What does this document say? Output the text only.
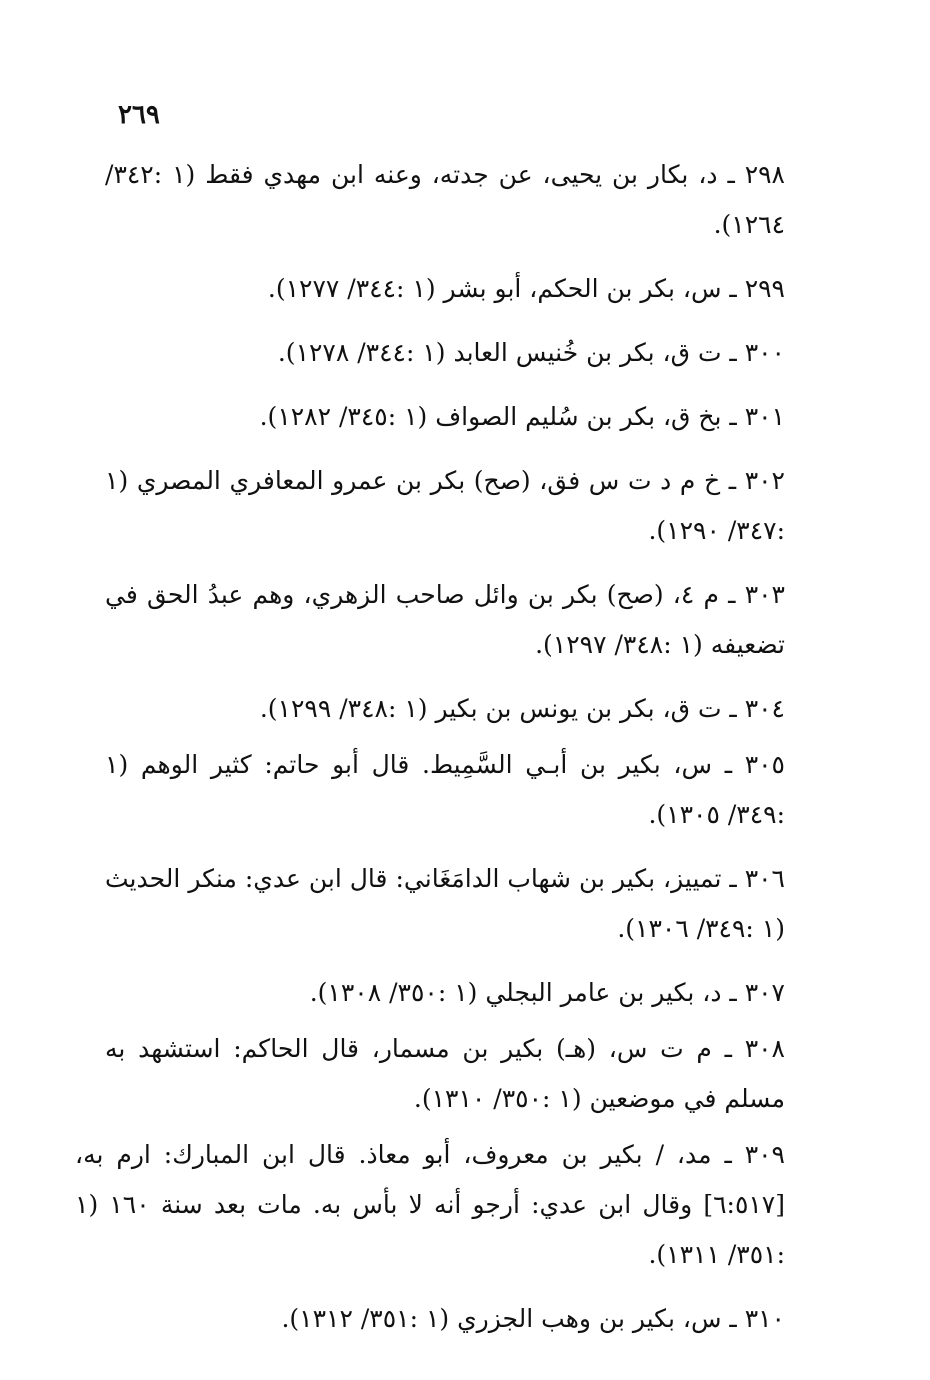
٢٦٩

٢٩٨ ـ د، بكار بن يحيى، عن جدته، وعنه ابن مهدي فقط (١ :٣٤٢/ ١٢٦٤).

٢٩٩ ـ س، بكر بن الحكم، أبو بشر (١ :٣٤٤/ ١٢٧٧).

٣٠٠ ـ ت ق، بكر بن خُنيس العابد (١ :٣٤٤/ ١٢٧٨).

٣٠١ ـ بخ ق، بكر بن سُليم الصواف (١ :٣٤٥/ ١٢٨٢).

٣٠٢ ـ خ م د ت س فق، (صح) بكر بن عمرو المعافري المصري (١ :٣٤٧/ ١٢٩٠).

٣٠٣ ـ م ٤، (صح) بكر بن وائل صاحب الزهري، وهم عبدُ الحق في تضعيفه (١ :٣٤٨/ ١٢٩٧).

٣٠٤ ـ ت ق، بكر بن يونس بن بكير (١ :٣٤٨/ ١٢٩٩).

٣٠٥ ـ س، بكير بن أبـي السَّمِيط. قال أبو حاتم: كثير الوهم (١ :٣٤٩/ ١٣٠٥).

٣٠٦ ـ تمييز، بكير بن شهاب الدامَغَاني: قال ابن عدي: منكر الحديث (١ :٣٤٩/ ١٣٠٦).

٣٠٧ ـ د، بكير بن عامر البجلي (١ :٣٥٠/ ١٣٠٨).

٣٠٨ ـ م ت س، (هـ) بكير بن مسمار، قال الحاكم: استشهد به مسلم في موضعين (١ :٣٥٠/ ١٣١٠).

٣٠٩ ـ مد، / بكير بن معروف، أبو معاذ. قال ابن المبارك: ارم به، [٦:٥١٧] وقال ابن عدي: أرجو أنه لا بأس به. مات بعد سنة ١٦٠ (١ :٣٥١/ ١٣١١).

٣١٠ ـ س، بكير بن وهب الجزري (١ :٣٥١/ ١٣١٢).
